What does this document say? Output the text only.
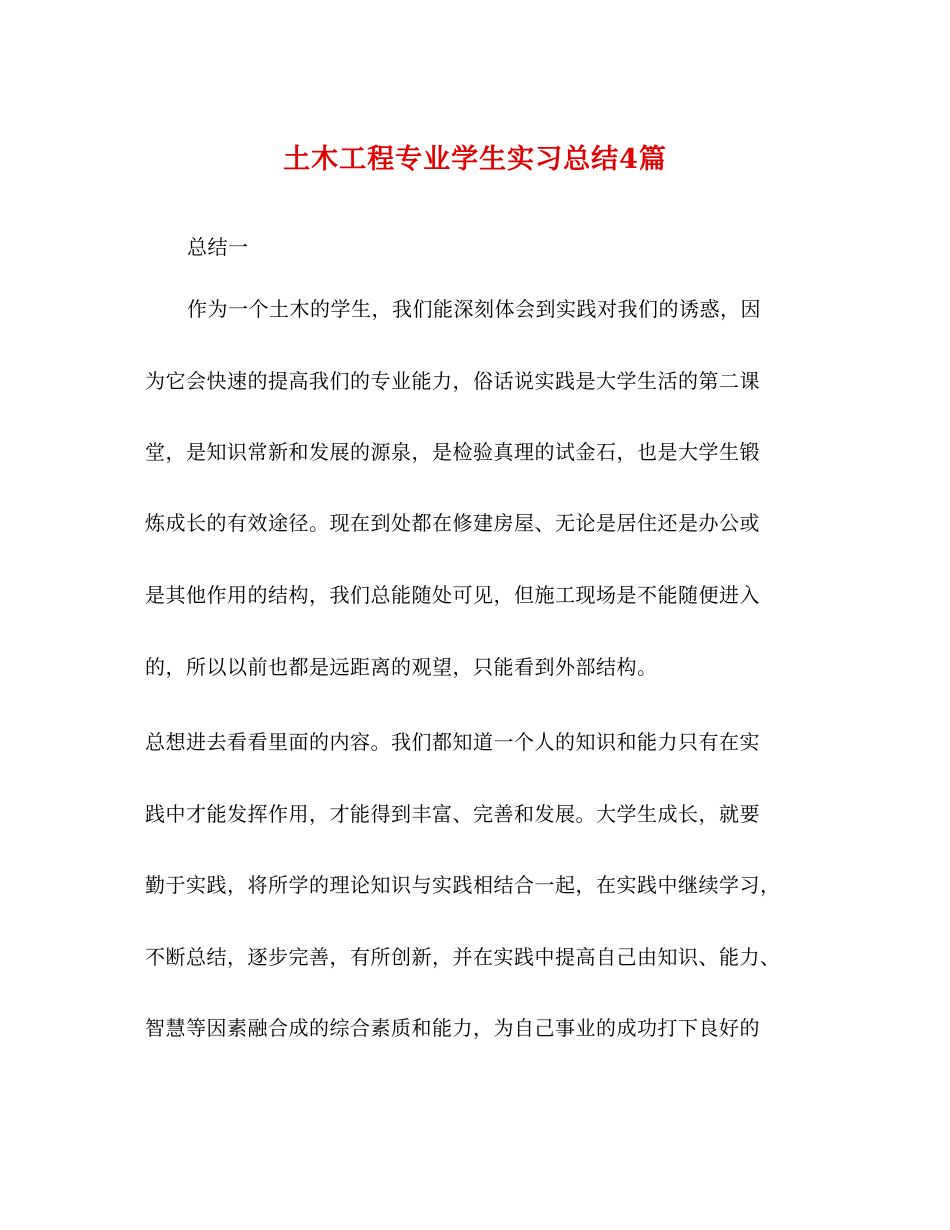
土木工程专业学生实习总结4篇
总结一
作为一个土木的学生，我们能深刻体会到实践对我们的诱惑，因
为它会快速的提高我们的专业能力，俗话说实践是大学生活的第二课
堂，是知识常新和发展的源泉，是检验真理的试金石，也是大学生锻
炼成长的有效途径。现在到处都在修建房屋、无论是居住还是办公或
是其他作用的结构，我们总能随处可见，但施工现场是不能随便进入
的，所以以前也都是远距离的观望，只能看到外部结构。
总想进去看看里面的内容。我们都知道一个人的知识和能力只有在实
践中才能发挥作用，才能得到丰富、完善和发展。大学生成长，就要
勤于实践，将所学的理论知识与实践相结合一起，在实践中继续学习，
不断总结，逐步完善，有所创新，并在实践中提高自己由知识、能力、
智慧等因素融合成的综合素质和能力，为自己事业的成功打下良好的
